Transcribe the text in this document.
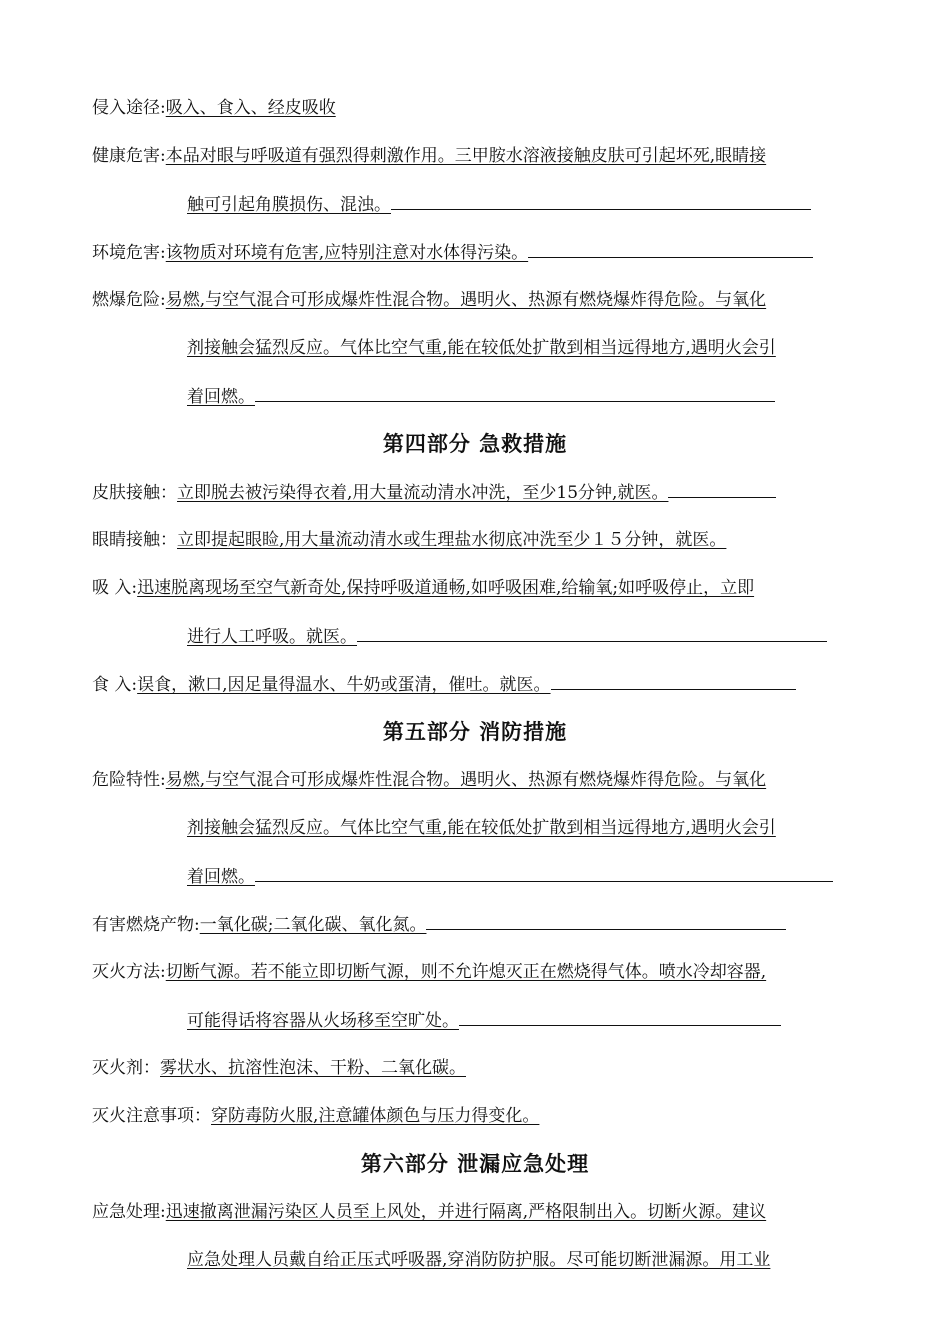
侵入途径:吸入、食入、经皮吸收
健康危害:本品对眼与呼吸道有强烈得刺激作用。三甲胺水溶液接触皮肤可引起坏死,眼睛接
触可引起角膜损伤、混浊。
环境危害:该物质对环境有危害,应特别注意对水体得污染。
燃爆危险:易燃,与空气混合可形成爆炸性混合物。遇明火、热源有燃烧爆炸得危险。与氧化
剂接触会猛烈反应。气体比空气重,能在较低处扩散到相当远得地方,遇明火会引
着回燃。
第四部分 急救措施
皮肤接触：立即脱去被污染得衣着,用大量流动清水冲洗，至少15分钟,就医。
眼睛接触：立即提起眼睑,用大量流动清水或生理盐水彻底冲洗至少１５分钟，就医。
吸 入:迅速脱离现场至空气新奇处,保持呼吸道通畅,如呼吸困难,给输氧;如呼吸停止，立即
进行人工呼吸。就医。
食 入:误食，漱口,因足量得温水、牛奶或蛋清，催吐。就医。
第五部分 消防措施
危险特性:易燃,与空气混合可形成爆炸性混合物。遇明火、热源有燃烧爆炸得危险。与氧化
剂接触会猛烈反应。气体比空气重,能在较低处扩散到相当远得地方,遇明火会引
着回燃。
有害燃烧产物:一氧化碳;二氧化碳、氧化氮。
灭火方法:切断气源。若不能立即切断气源，则不允许熄灭正在燃烧得气体。喷水冷却容器,
可能得话将容器从火场移至空旷处。
灭火剂：雾状水、抗溶性泡沫、干粉、二氧化碳。
灭火注意事项：穿防毒防火服,注意罐体颜色与压力得变化。
第六部分 泄漏应急处理
应急处理:迅速撤离泄漏污染区人员至上风处，并进行隔离,严格限制出入。切断火源。建议
应急处理人员戴自给正压式呼吸器,穿消防防护服。尽可能切断泄漏源。用工业
